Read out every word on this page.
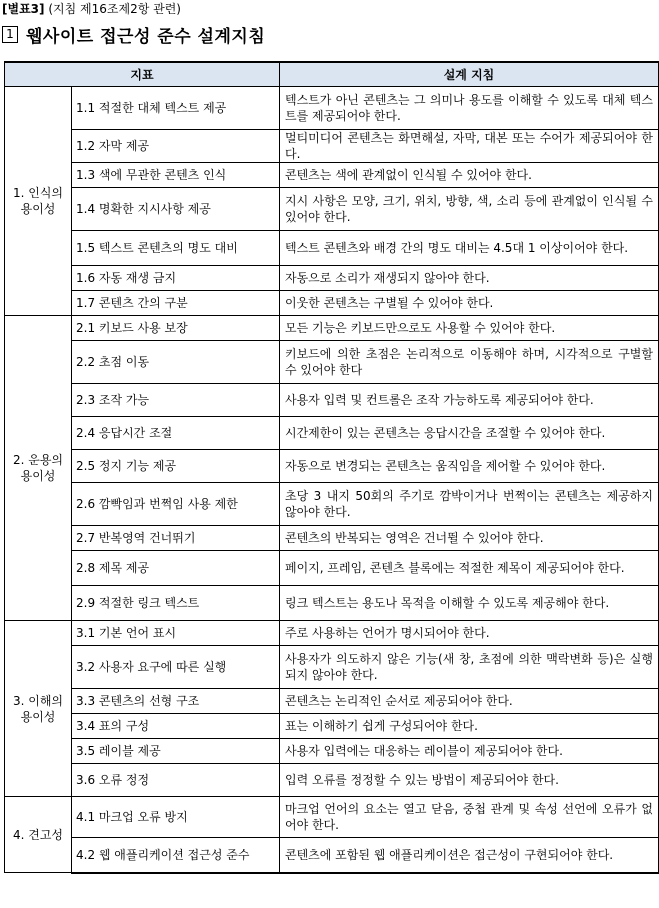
[별표3] (지침 제16조제2항 관련)
1 웹사이트 접근성 준수 설계지침
지표		설계 지침
1. 인식의 용이성	1.1 적절한 대체 텍스트 제공	텍스트가 아닌 콘텐츠는 그 의미나 용도를 이해할 수 있도록 대체 텍스트를 제공되어야 한다.
	1.2 자막 제공	멀티미디어 콘텐츠는 화면해설, 자막, 대본 또는 수어가 제공되어야 한다.
	1.3 색에 무관한 콘텐츠 인식	콘텐츠는 색에 관계없이 인식될 수 있어야 한다.
	1.4 명확한 지시사항 제공	지시 사항은 모양, 크기, 위치, 방향, 색, 소리 등에 관계없이 인식될 수 있어야 한다.
	1.5 텍스트 콘텐츠의 명도 대비	텍스트 콘텐츠와 배경 간의 명도 대비는 4.5대 1 이상이어야 한다.
	1.6 자동 재생 금지	자동으로 소리가 재생되지 않아야 한다.
	1.7 콘텐츠 간의 구분	이웃한 콘텐츠는 구별될 수 있어야 한다.
2. 운용의 용이성	2.1 키보드 사용 보장	모든 기능은 키보드만으로도 사용할 수 있어야 한다.
	2.2 초점 이동	키보드에 의한 초점은 논리적으로 이동해야 하며, 시각적으로 구별할 수 있어야 한다
	2.3 조작 가능	사용자 입력 및 컨트롤은 조작 가능하도록 제공되어야 한다.
	2.4 응답시간 조절	시간제한이 있는 콘텐츠는 응답시간을 조절할 수 있어야 한다.
	2.5 정지 기능 제공	자동으로 변경되는 콘텐츠는 움직임을 제어할 수 있어야 한다.
	2.6 깜빡임과 번쩍임 사용 제한	초당 3 내지 50회의 주기로 깜박이거나 번쩍이는 콘텐츠는 제공하지 않아야 한다.
	2.7 반복영역 건너뛰기	콘텐츠의 반복되는 영역은 건너뛸 수 있어야 한다.
	2.8 제목 제공	페이지, 프레임, 콘텐츠 블록에는 적절한 제목이 제공되어야 한다.
	2.9 적절한 링크 텍스트	링크 텍스트는 용도나 목적을 이해할 수 있도록 제공해야 한다.
3. 이해의 용이성	3.1 기본 언어 표시	주로 사용하는 언어가 명시되어야 한다.
	3.2 사용자 요구에 따른 실행	사용자가 의도하지 않은 기능(새 창, 초점에 의한 맥락변화 등)은 실행되지 않아야 한다.
	3.3 콘텐츠의 선형 구조	콘텐츠는 논리적인 순서로 제공되어야 한다.
	3.4 표의 구성	표는 이해하기 쉽게 구성되어야 한다.
	3.5 레이블 제공	사용자 입력에는 대응하는 레이블이 제공되어야 한다.
	3.6 오류 정정	입력 오류를 정정할 수 있는 방법이 제공되어야 한다.
4. 견고성	4.1 마크업 오류 방지	마크업 언어의 요소는 열고 닫음, 중첩 관계 및 속성 선언에 오류가 없어야 한다.
	4.2 웹 애플리케이션 접근성 준수	콘텐츠에 포함된 웹 애플리케이션은 접근성이 구현되어야 한다.
